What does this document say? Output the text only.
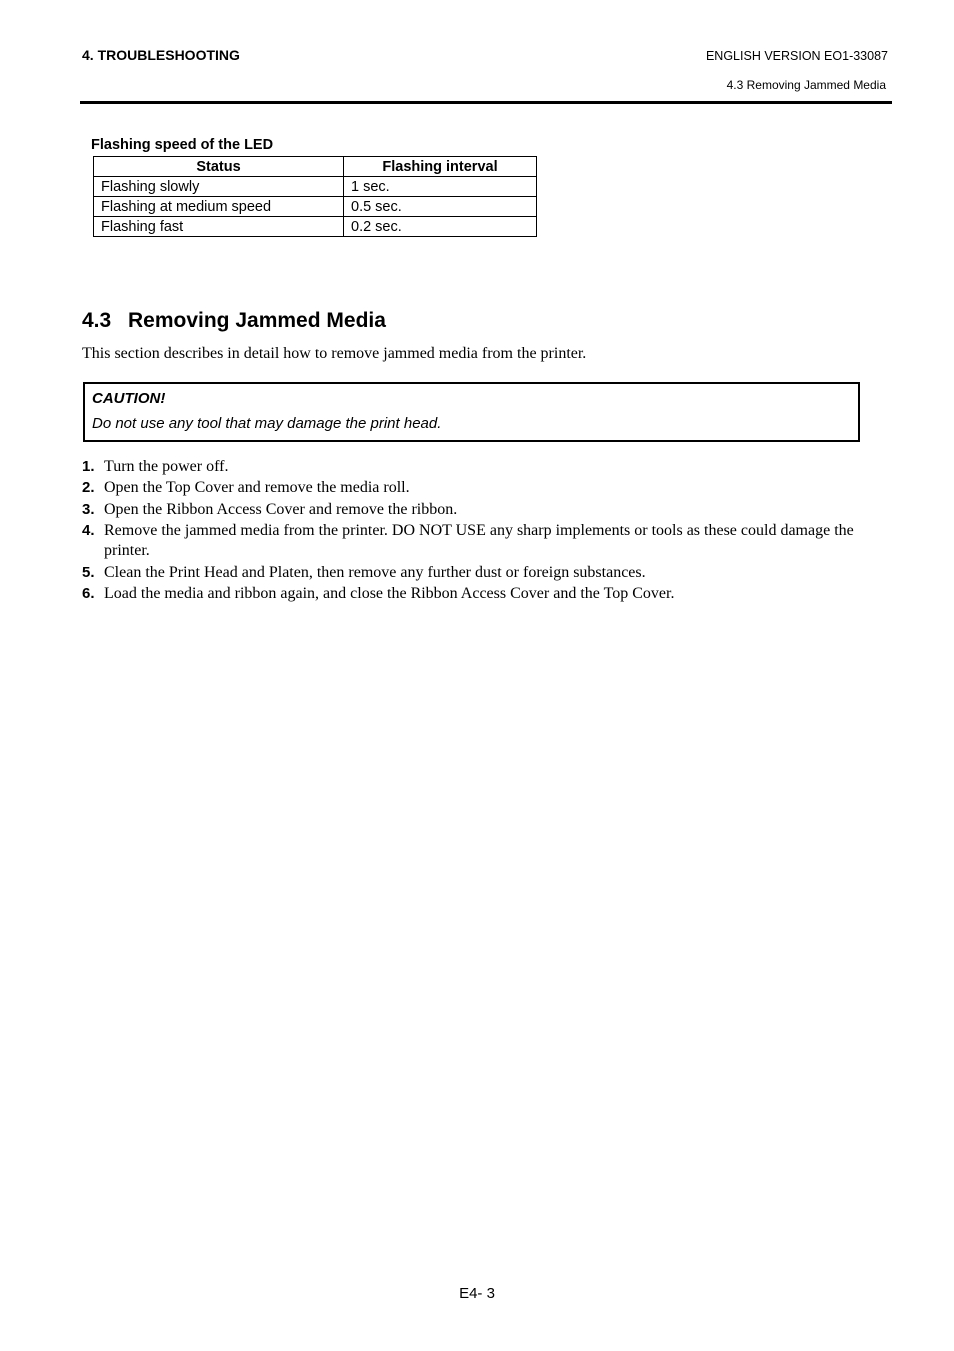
4. TROUBLESHOOTING	ENGLISH VERSION EO1-33087
4.3 Removing Jammed Media
Flashing speed of the LED
Status	Flashing interval
Flashing slowly	1 sec.
Flashing at medium speed	0.5 sec.
Flashing fast	0.2 sec.
4.3 Removing Jammed Media
This section describes in detail how to remove jammed media from the printer.
CAUTION!
Do not use any tool that may damage the print head.
1. Turn the power off.
2. Open the Top Cover and remove the media roll.
3. Open the Ribbon Access Cover and remove the ribbon.
4. Remove the jammed media from the printer. DO NOT USE any sharp implements or tools as these could damage the printer.
5. Clean the Print Head and Platen, then remove any further dust or foreign substances.
6. Load the media and ribbon again, and close the Ribbon Access Cover and the Top Cover.
E4- 3
